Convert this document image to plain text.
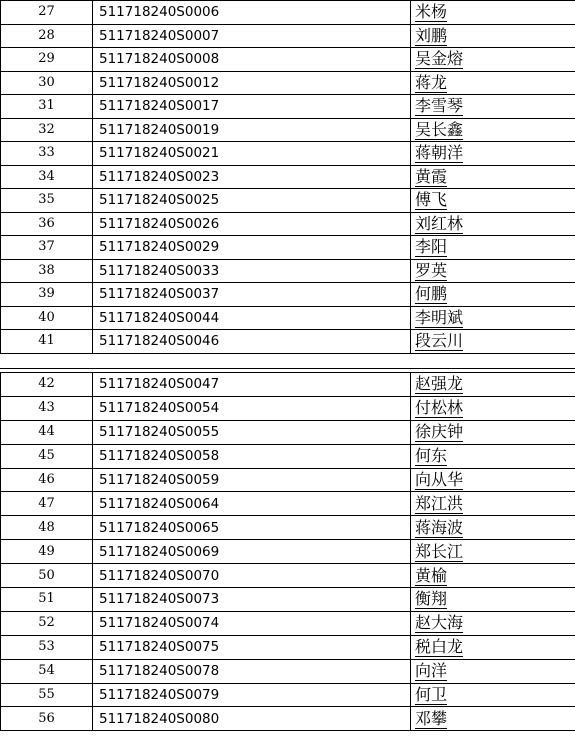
27	511718240S0006	米杨
28	511718240S0007	刘鹏
29	511718240S0008	吴金熔
30	511718240S0012	蒋龙
31	511718240S0017	李雪琴
32	511718240S0019	吴长鑫
33	511718240S0021	蒋朝洋
34	511718240S0023	黄霞
35	511718240S0025	傅飞
36	511718240S0026	刘红林
37	511718240S0029	李阳
38	511718240S0033	罗英
39	511718240S0037	何鹏
40	511718240S0044	李明斌
41	511718240S0046	段云川
42	511718240S0047	赵强龙
43	511718240S0054	付松林
44	511718240S0055	徐庆钟
45	511718240S0058	何东
46	511718240S0059	向从华
47	511718240S0064	郑江洪
48	511718240S0065	蒋海波
49	511718240S0069	郑长江
50	511718240S0070	黄榆
51	511718240S0073	衡翔
52	511718240S0074	赵大海
53	511718240S0075	税白龙
54	511718240S0078	向洋
55	511718240S0079	何卫
56	511718240S0080	邓攀
